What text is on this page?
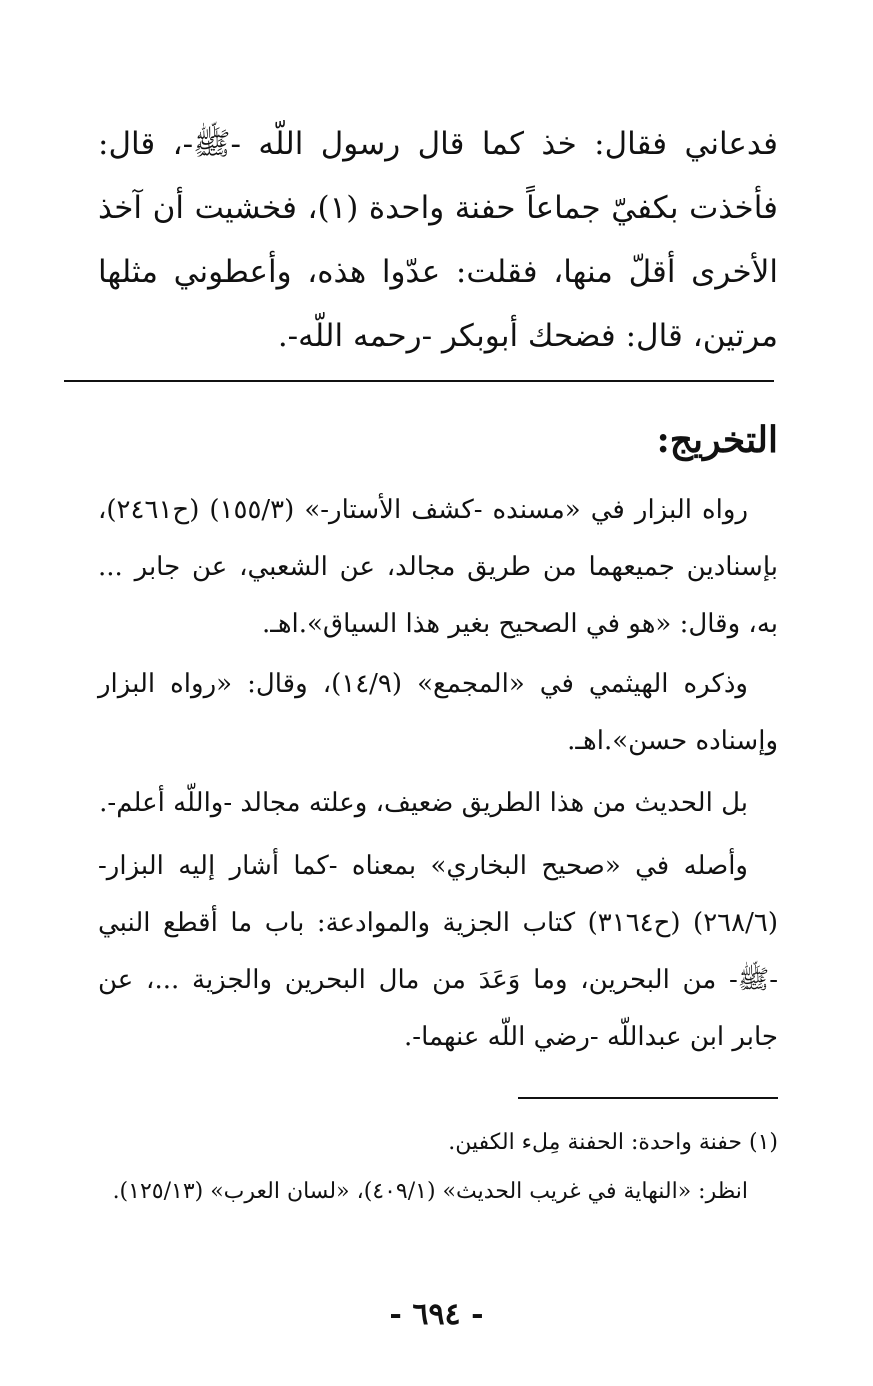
فدعاني فقال: خذ كما قال رسول اللّه -ﷺ-، قال: فأخذت بكفيّ جماعاً حفنة واحدة (١)، فخشيت أن آخذ الأخرى أقلّ منها، فقلت: عدّوا هذه، وأعطوني مثلها مرتين، قال: فضحك أبوبكر -رحمه اللّه-.
التخريج:

رواه البزار في «مسنده -كشف الأستار-» (١٥٥/٣) (ح٢٤٦١)، بإسنادين جميعهما من طريق مجالد، عن الشعبي، عن جابر ... به، وقال: «هو في الصحيح بغير هذا السياق».اهـ.

وذكره الهيثمي في «المجمع» (١٤/٩)، وقال: «رواه البزار وإسناده حسن».اهـ.

بل الحديث من هذا الطريق ضعيف، وعلته مجالد -واللّه أعلم-.

وأصله في «صحيح البخاري» بمعناه -كما أشار إليه البزار- (٢٦٨/٦) (ح٣١٦٤) كتاب الجزية والموادعة: باب ما أقطع النبي -ﷺ- من البحرين، وما وَعَدَ من مال البحرين والجزية ...، عن جابر ابن عبداللّه -رضي اللّه عنهما-.

(١) حفنة واحدة: الحفنة مِلء الكفين.

انظر: «النهاية في غريب الحديث» (٤٠٩/١)، «لسان العرب» (١٢٥/١٣).

- ٦٩٤ -
